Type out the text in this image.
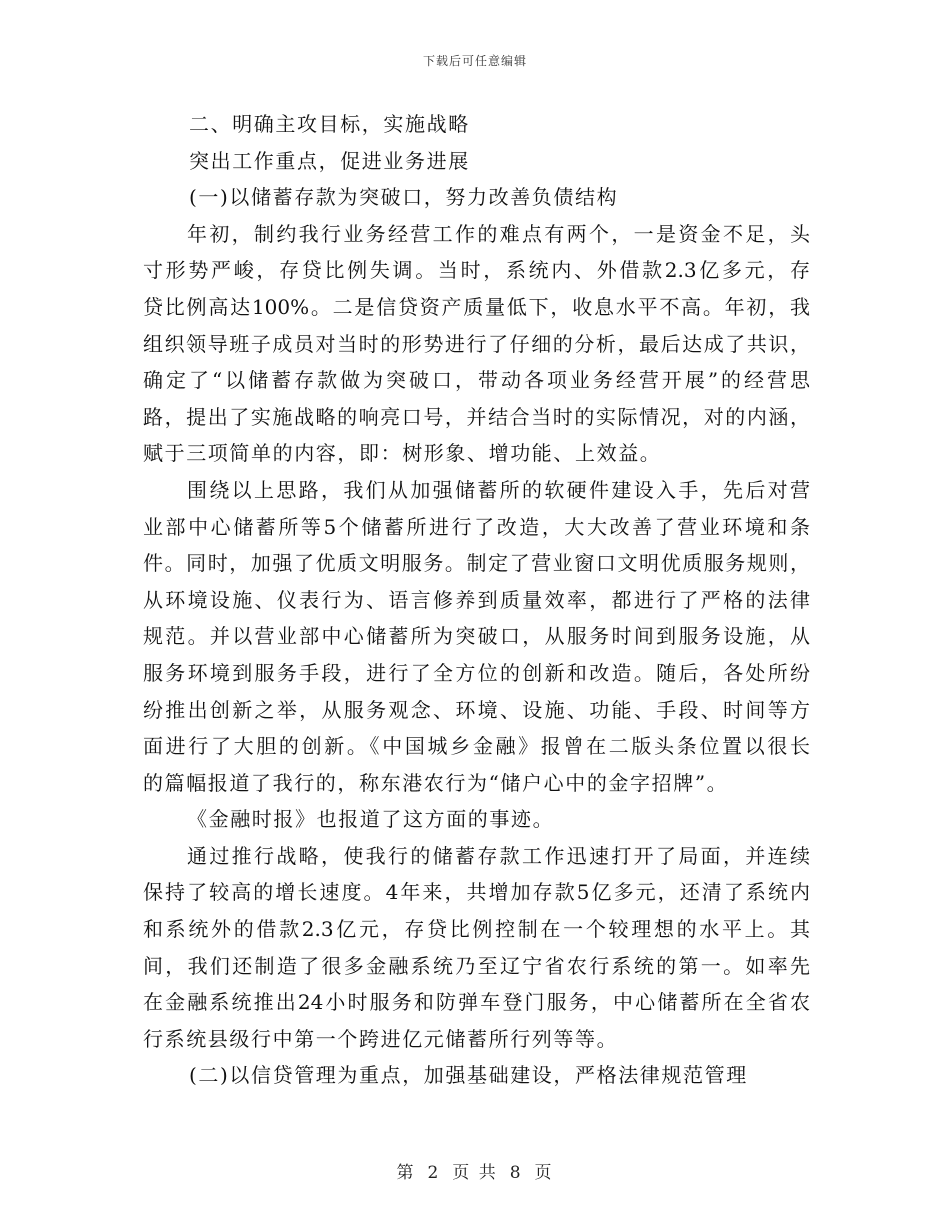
下载后可任意编辑
二、明确主攻目标，实施战略
突出工作重点，促进业务进展
(一)以储蓄存款为突破口，努力改善负债结构
年初，制约我行业务经营工作的难点有两个，一是资金不足，头
寸形势严峻，存贷比例失调。当时，系统内、外借款2.3亿多元，存
贷比例高达100%。二是信贷资产质量低下，收息水平不高。年初，我
组织领导班子成员对当时的形势进行了仔细的分析，最后达成了共识，
确定了“以储蓄存款做为突破口，带动各项业务经营开展”的经营思
路，提出了实施战略的响亮口号，并结合当时的实际情况，对的内涵，
赋于三项简单的内容，即：树形象、增功能、上效益。
围绕以上思路，我们从加强储蓄所的软硬件建设入手，先后对营
业部中心储蓄所等5个储蓄所进行了改造，大大改善了营业环境和条
件。同时，加强了优质文明服务。制定了营业窗口文明优质服务规则，
从环境设施、仪表行为、语言修养到质量效率，都进行了严格的法律
规范。并以营业部中心储蓄所为突破口，从服务时间到服务设施，从
服务环境到服务手段，进行了全方位的创新和改造。随后，各处所纷
纷推出创新之举，从服务观念、环境、设施、功能、手段、时间等方
面进行了大胆的创新。《中国城乡金融》报曾在二版头条位置以很长
的篇幅报道了我行的，称东港农行为“储户心中的金字招牌”。
《金融时报》也报道了这方面的事迹。
通过推行战略，使我行的储蓄存款工作迅速打开了局面，并连续
保持了较高的增长速度。4年来，共增加存款5亿多元，还清了系统内
和系统外的借款2.3亿元，存贷比例控制在一个较理想的水平上。其
间，我们还制造了很多金融系统乃至辽宁省农行系统的第一。如率先
在金融系统推出24小时服务和防弹车登门服务，中心储蓄所在全省农
行系统县级行中第一个跨进亿元储蓄所行列等等。
(二)以信贷管理为重点，加强基础建设，严格法律规范管理
第 2 页 共 8 页
